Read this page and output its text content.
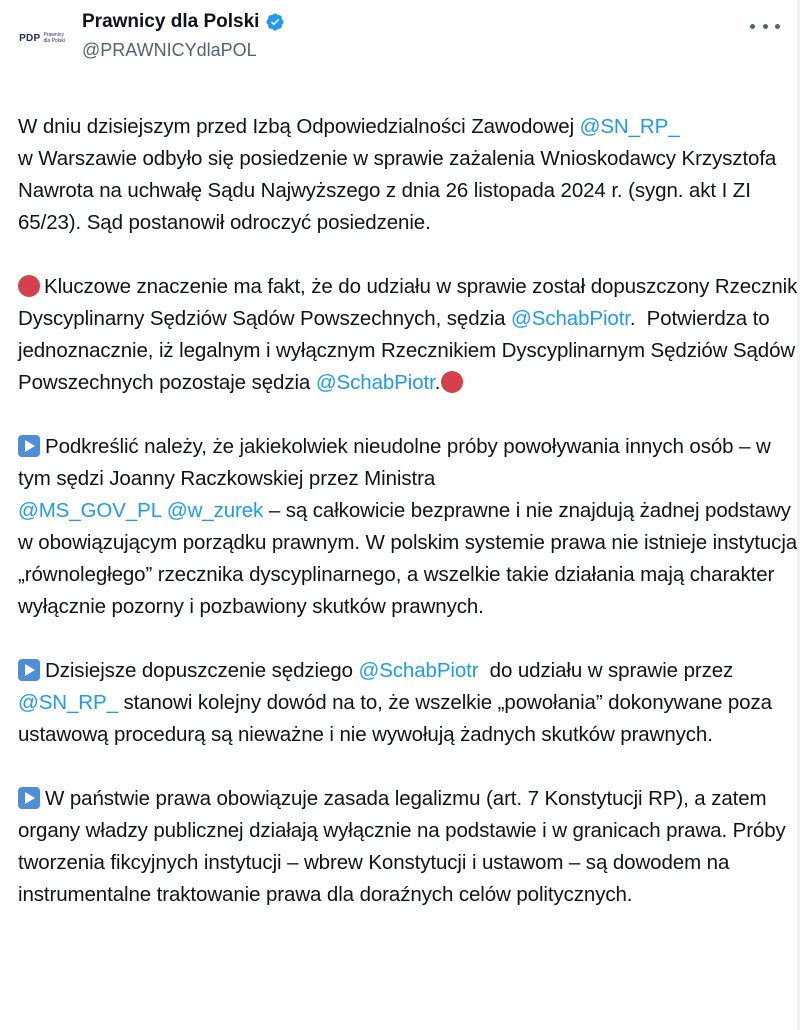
PDP Prawnicy
dla Polski
Prawnicy dla Polski
@PRAWNICYdlaPOL

W dniu dzisiejszym przed Izbą Odpowiedzialności Zawodowej @SN_RP_
w Warszawie odbyło się posiedzenie w sprawie zażalenia Wnioskodawcy Krzysztofa Nawrota na uchwałę Sądu Najwyższego z dnia 26 listopada 2024 r. (sygn. akt I ZI 65/23). Sąd postanowił odroczyć posiedzenie.

Kluczowe znaczenie ma fakt, że do udziału w sprawie został dopuszczony Rzecznik Dyscyplinarny Sędziów Sądów Powszechnych, sędzia @SchabPiotr.  Potwierdza to jednoznacznie, iż legalnym i wyłącznym Rzecznikiem Dyscyplinarnym Sędziów Sądów Powszechnych pozostaje sędzia @SchabPiotr.

Podkreślić należy, że jakiekolwiek nieudolne próby powoływania innych osób – w tym sędzi Joanny Raczkowskiej przez Ministra
@MS_GOV_PL @w_zurek – są całkowicie bezprawne i nie znajdują żadnej podstawy w obowiązującym porządku prawnym. W polskim systemie prawa nie istnieje instytucja „równoległego” rzecznika dyscyplinarnego, a wszelkie takie działania mają charakter wyłącznie pozorny i pozbawiony skutków prawnych.

Dzisiejsze dopuszczenie sędziego @SchabPiotr  do udziału w sprawie przez @SN_RP_ stanowi kolejny dowód na to, że wszelkie „powołania” dokonywane poza ustawową procedurą są nieważne i nie wywołują żadnych skutków prawnych.

W państwie prawa obowiązuje zasada legalizmu (art. 7 Konstytucji RP), a zatem organy władzy publicznej działają wyłącznie na podstawie i w granicach prawa. Próby tworzenia fikcyjnych instytucji – wbrew Konstytucji i ustawom – są dowodem na instrumentalne traktowanie prawa dla doraźnych celów politycznych.
